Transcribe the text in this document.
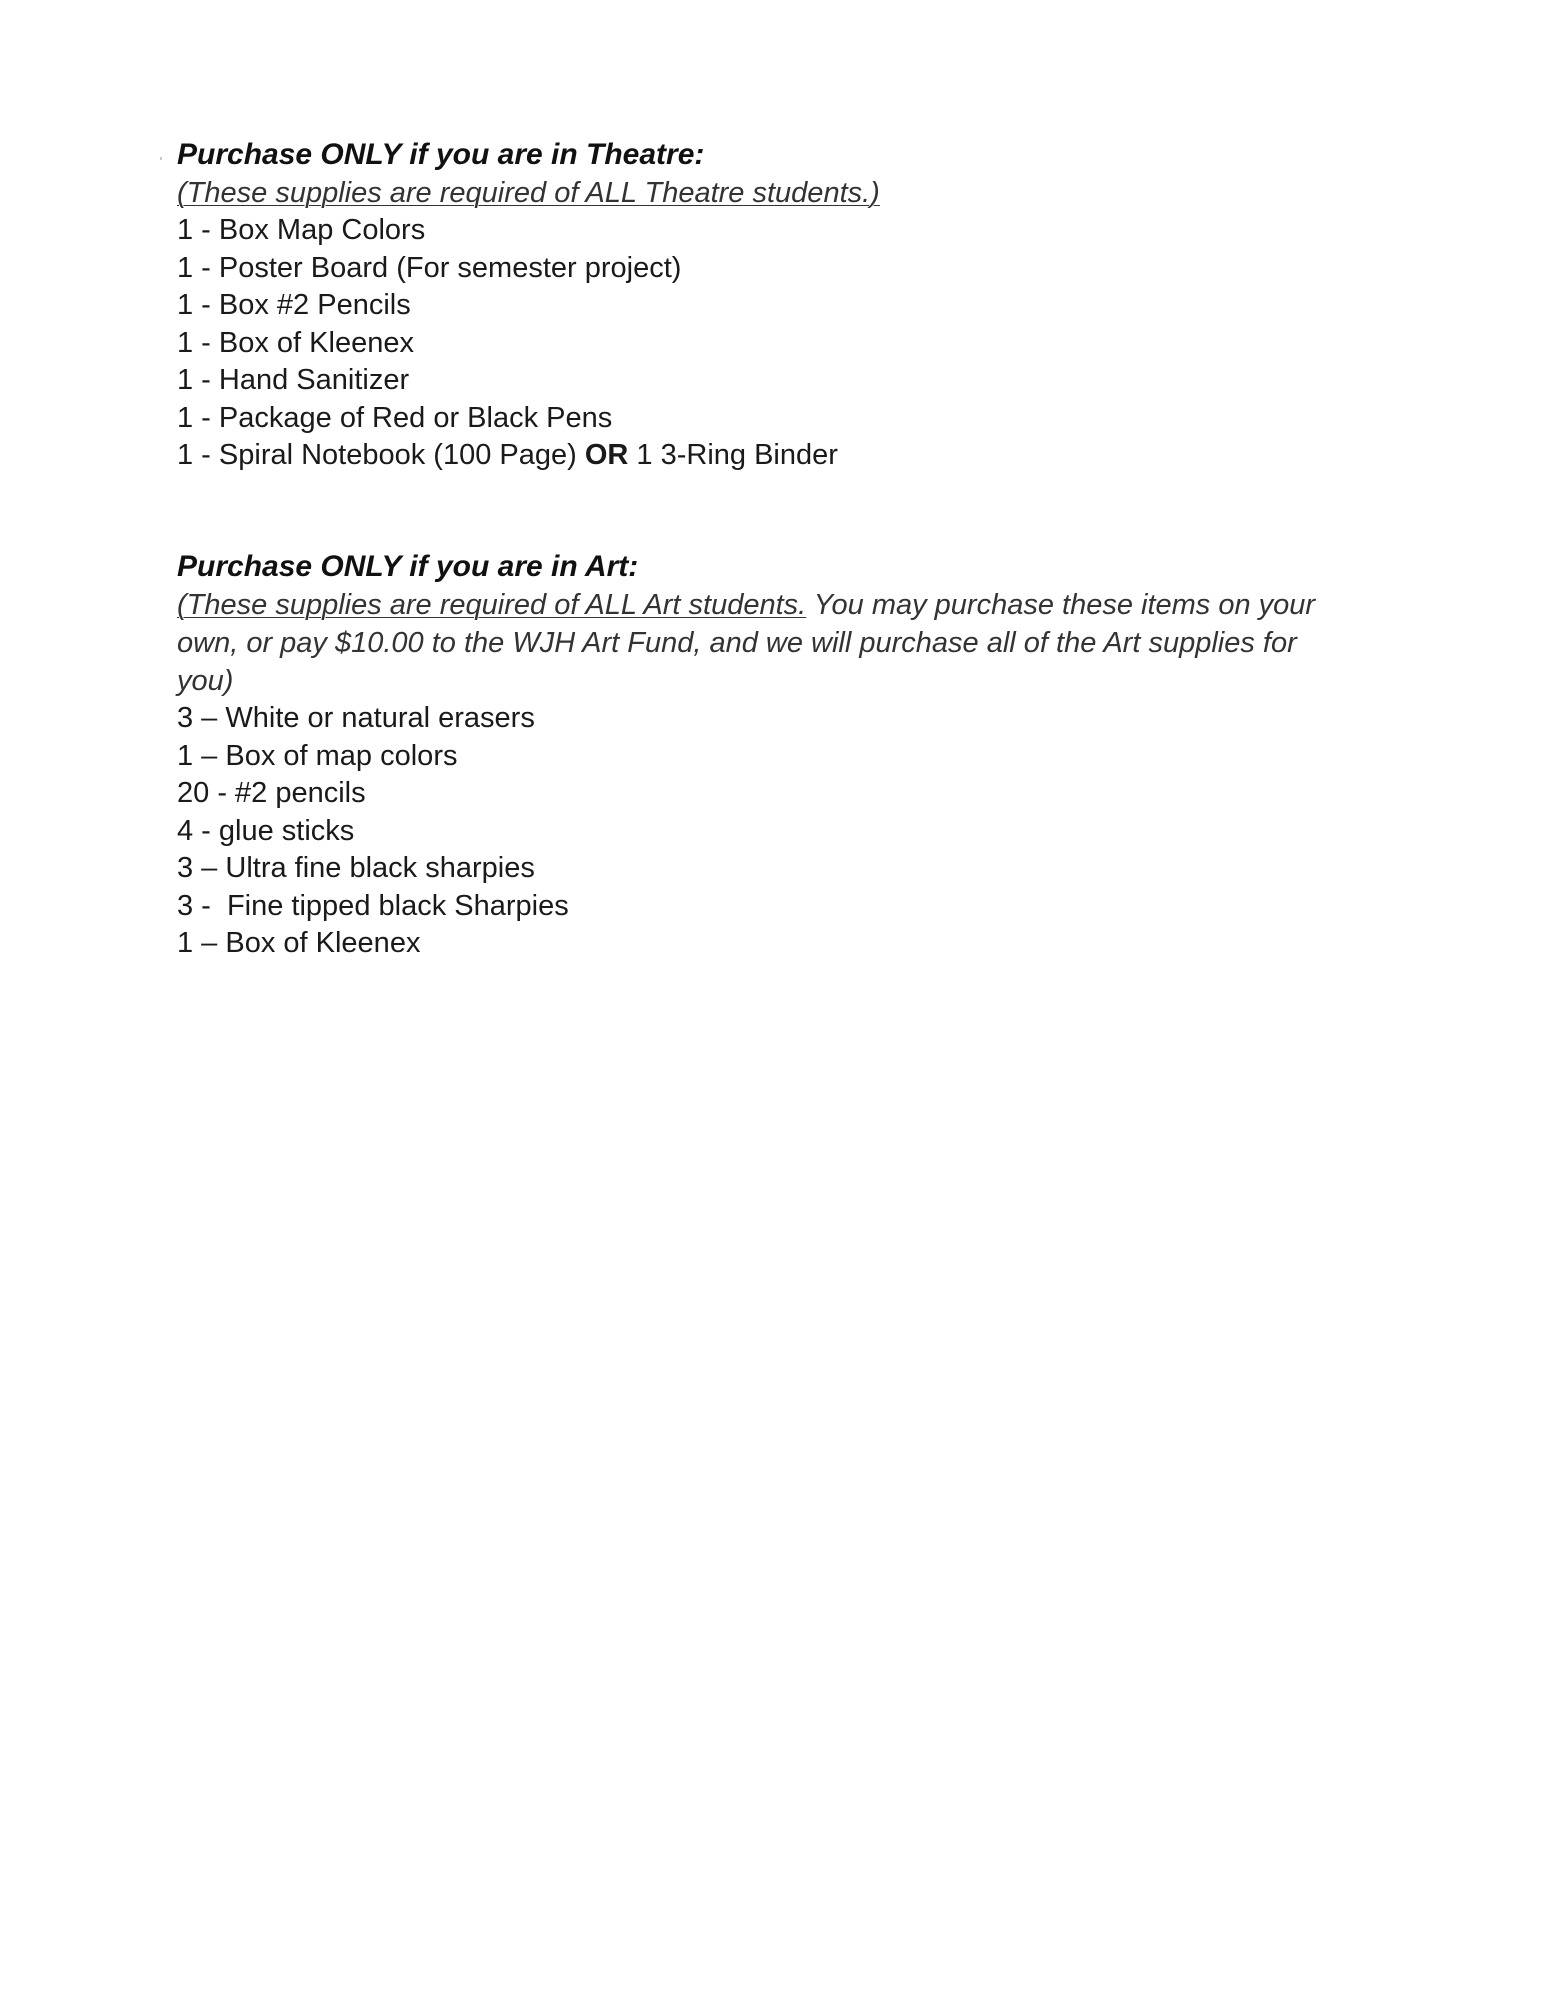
Purchase ONLY if you are in Theatre:

(These supplies are required of ALL Theatre students.)

1 - Box Map Colors
1 - Poster Board (For semester project)
1 - Box #2 Pencils
1 - Box of Kleenex
1 - Hand Sanitizer
1 - Package of Red or Black Pens
1 - Spiral Notebook (100 Page) OR 1 3-Ring Binder

Purchase ONLY if you are in Art:

(These supplies are required of ALL Art students. You may purchase these items on your own, or pay $10.00 to the WJH Art Fund, and we will purchase all of the Art supplies for you)

3 – White or natural erasers
1 – Box of map colors
20 - #2 pencils
4 - glue sticks
3 – Ultra fine black sharpies
3 -  Fine tipped black Sharpies
1 – Box of Kleenex
